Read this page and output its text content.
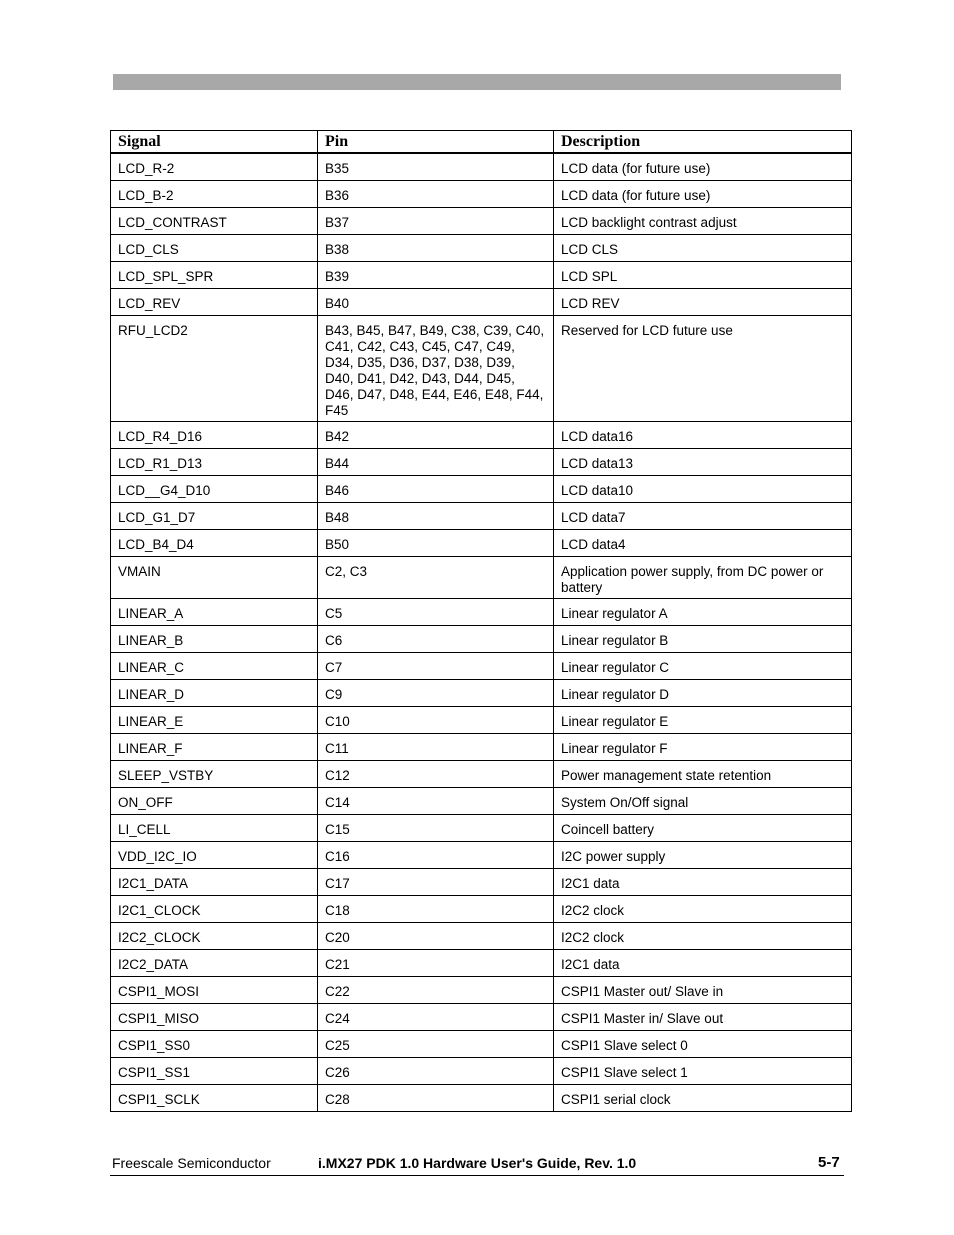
Signal	Pin	Description
LCD_R-2	B35	LCD data (for future use)
LCD_B-2	B36	LCD data (for future use)
LCD_CONTRAST	B37	LCD backlight contrast adjust
LCD_CLS	B38	LCD CLS
LCD_SPL_SPR	B39	LCD SPL
LCD_REV	B40	LCD REV
RFU_LCD2	B43, B45, B47, B49, C38, C39, C40, C41, C42, C43, C45, C47, C49, D34, D35, D36, D37, D38, D39, D40, D41, D42, D43, D44, D45, D46, D47, D48, E44, E46, E48, F44, F45	Reserved for LCD future use
LCD_R4_D16	B42	LCD data16
LCD_R1_D13	B44	LCD data13
LCD__G4_D10	B46	LCD data10
LCD_G1_D7	B48	LCD data7
LCD_B4_D4	B50	LCD data4
VMAIN	C2, C3	Application power supply, from DC power or battery
LINEAR_A	C5	Linear regulator A
LINEAR_B	C6	Linear regulator B
LINEAR_C	C7	Linear regulator C
LINEAR_D	C9	Linear regulator D
LINEAR_E	C10	Linear regulator E
LINEAR_F	C11	Linear regulator F
SLEEP_VSTBY	C12	Power management state retention
ON_OFF	C14	System On/Off signal
LI_CELL	C15	Coincell battery
VDD_I2C_IO	C16	I2C power supply
I2C1_DATA	C17	I2C1 data
I2C1_CLOCK	C18	I2C2 clock
I2C2_CLOCK	C20	I2C2 clock
I2C2_DATA	C21	I2C1 data
CSPI1_MOSI	C22	CSPI1 Master out/ Slave in
CSPI1_MISO	C24	CSPI1 Master in/ Slave out
CSPI1_SS0	C25	CSPI1 Slave select 0
CSPI1_SS1	C26	CSPI1 Slave select 1
CSPI1_SCLK	C28	CSPI1 serial clock
Freescale Semiconductor	i.MX27 PDK 1.0 Hardware User's Guide, Rev. 1.0	5-7
